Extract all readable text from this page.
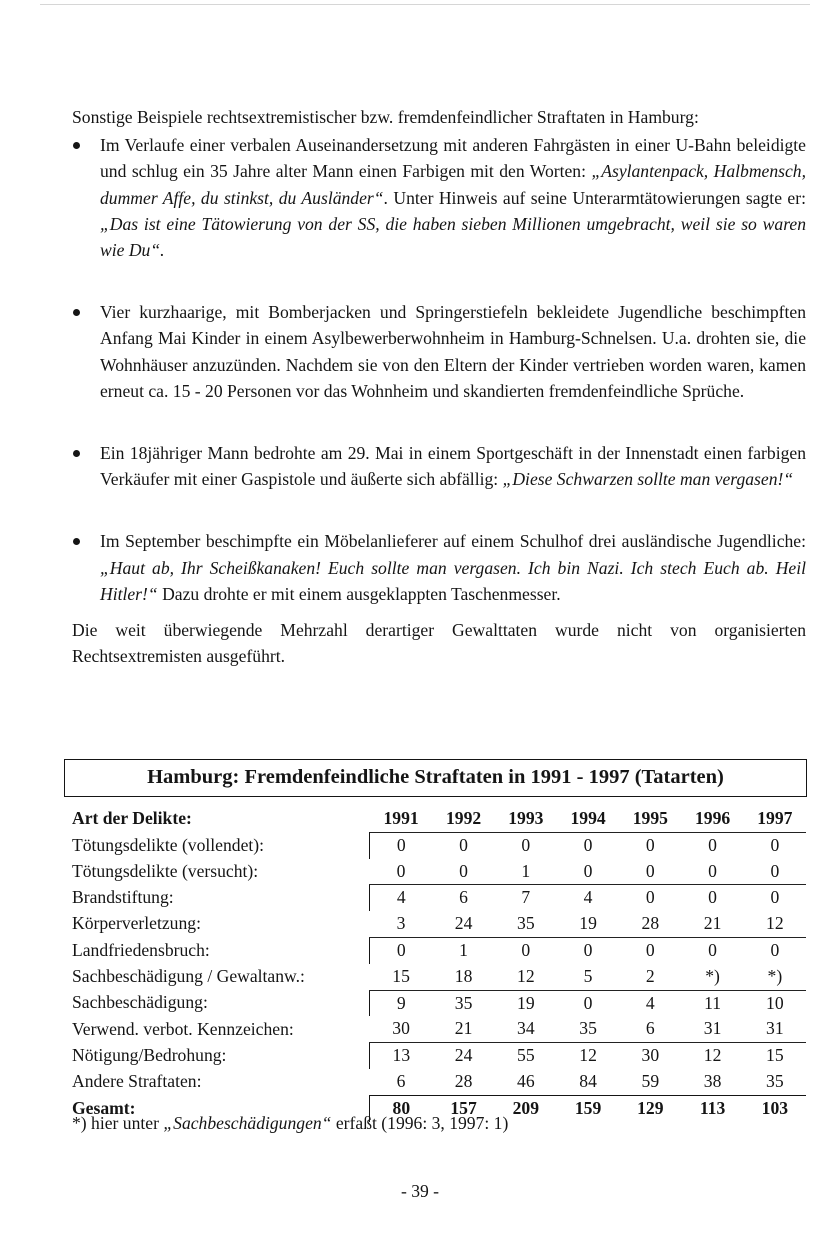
Sonstige Beispiele rechtsextremistischer bzw. fremdenfeindlicher Straftaten in Hamburg:

Im Verlaufe einer verbalen Auseinandersetzung mit anderen Fahrgästen in einer U-Bahn beleidigte und schlug ein 35 Jahre alter Mann einen Farbigen mit den Worten: „Asylantenpack, Halbmensch, dummer Affe, du stinkst, du Ausländer“. Unter Hinweis auf seine Unterarmtätowierungen sagte er: „Das ist eine Tätowierung von der SS, die haben sieben Millionen umgebracht, weil sie so waren wie Du“.
Vier kurzhaarige, mit Bomberjacken und Springerstiefeln bekleidete Jugendliche beschimpften Anfang Mai Kinder in einem Asylbewerberwohnheim in Hamburg-Schnelsen. U.a. drohten sie, die Wohnhäuser anzuzünden. Nachdem sie von den Eltern der Kinder vertrieben worden waren, kamen erneut ca. 15 - 20 Personen vor das Wohnheim und skandierten fremdenfeindliche Sprüche.
Ein 18jähriger Mann bedrohte am 29. Mai in einem Sportgeschäft in der Innenstadt einen farbigen Verkäufer mit einer Gaspistole und äußerte sich abfällig: „Diese Schwarzen sollte man vergasen!“
Im September beschimpfte ein Möbelanlieferer auf einem Schulhof drei ausländische Jugendliche: „Haut ab, Ihr Scheißkanaken! Euch sollte man vergasen. Ich bin Nazi. Ich stech Euch ab. Heil Hitler!“ Dazu drohte er mit einem ausgeklappten Taschenmesser.

Die weit überwiegende Mehrzahl derartiger Gewalttaten wurde nicht von organisierten Rechtsextremisten ausgeführt.

Hamburg: Fremdenfeindliche Straftaten in 1991 - 1997 (Tatarten)
Art der Delikte:	1991	1992	1993	1994	1995	1996	1997
Tötungsdelikte (vollendet):	0	0	0	0	0	0	0
Tötungsdelikte (versucht):	0	0	1	0	0	0	0
Brandstiftung:	4	6	7	4	0	0	0
Körperverletzung:	3	24	35	19	28	21	12
Landfriedensbruch:	0	1	0	0	0	0	0
Sachbeschädigung / Gewaltanw.:	15	18	12	5	2	*)	*)
Sachbeschädigung:	9	35	19	0	4	11	10
Verwend. verbot. Kennzeichen:	30	21	34	35	6	31	31
Nötigung/Bedrohung:	13	24	55	12	30	12	15
Andere Straftaten:	6	28	46	84	59	38	35
Gesamt:	80	157	209	159	129	113	103
*) hier unter „Sachbeschädigungen“ erfaßt (1996: 3, 1997: 1)
- 39 -
